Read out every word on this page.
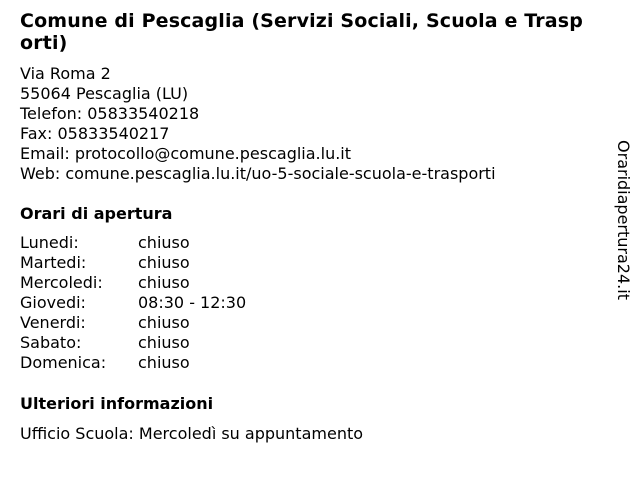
Comune di Pescaglia (Servizi Sociali, Scuola e Trasp
orti)
Via Roma 2
55064 Pescaglia (LU)
Telefon: 05833540218
Fax: 05833540217
Email: protocollo@comune.pescaglia.lu.it
Web: comune.pescaglia.lu.it/uo-5-sociale-scuola-e-trasporti
Orari di apertura
Lunedi:	chiuso
Martedi:	chiuso
Mercoledi: chiuso
Giovedi:	08:30 - 12:30
Venerdi:	chiuso
Sabato:	chiuso
Domenica: chiuso
Ulteriori informazioni
Ufficio Scuola: Mercoledì su appuntamento
Oraridiapertura24.it
